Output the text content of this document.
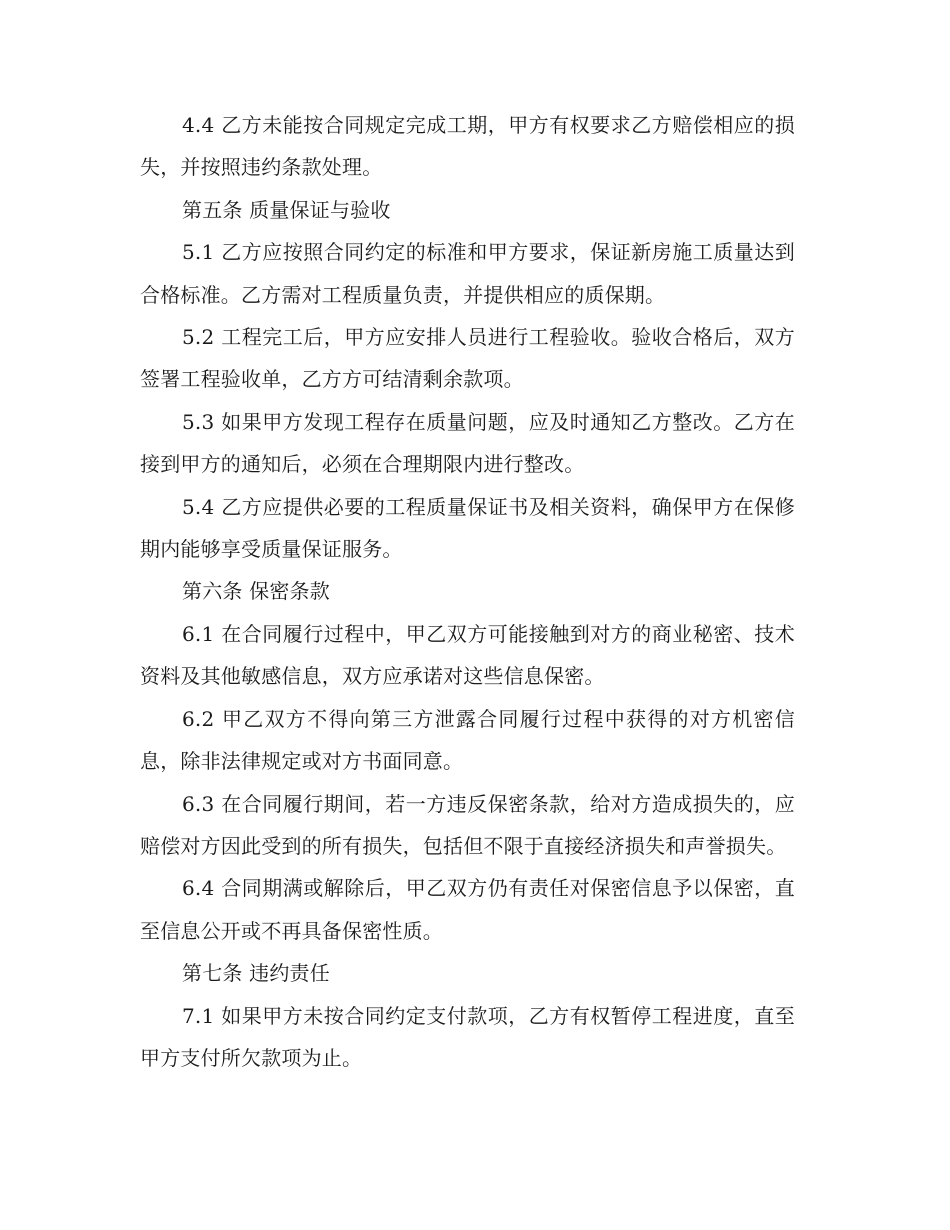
4.4 乙方未能按合同规定完成工期，甲方有权要求乙方赔偿相应的损失，并按照违约条款处理。

第五条 质量保证与验收

5.1 乙方应按照合同约定的标准和甲方要求，保证新房施工质量达到合格标准。乙方需对工程质量负责，并提供相应的质保期。

5.2 工程完工后，甲方应安排人员进行工程验收。验收合格后，双方签署工程验收单，乙方方可结清剩余款项。

5.3 如果甲方发现工程存在质量问题，应及时通知乙方整改。乙方在接到甲方的通知后，必须在合理期限内进行整改。

5.4 乙方应提供必要的工程质量保证书及相关资料，确保甲方在保修期内能够享受质量保证服务。

第六条 保密条款

6.1 在合同履行过程中，甲乙双方可能接触到对方的商业秘密、技术资料及其他敏感信息，双方应承诺对这些信息保密。

6.2 甲乙双方不得向第三方泄露合同履行过程中获得的对方机密信息，除非法律规定或对方书面同意。

6.3 在合同履行期间，若一方违反保密条款，给对方造成损失的，应赔偿对方因此受到的所有损失，包括但不限于直接经济损失和声誉损失。

6.4 合同期满或解除后，甲乙双方仍有责任对保密信息予以保密，直至信息公开或不再具备保密性质。

第七条 违约责任

7.1 如果甲方未按合同约定支付款项，乙方有权暂停工程进度，直至甲方支付所欠款项为止。
